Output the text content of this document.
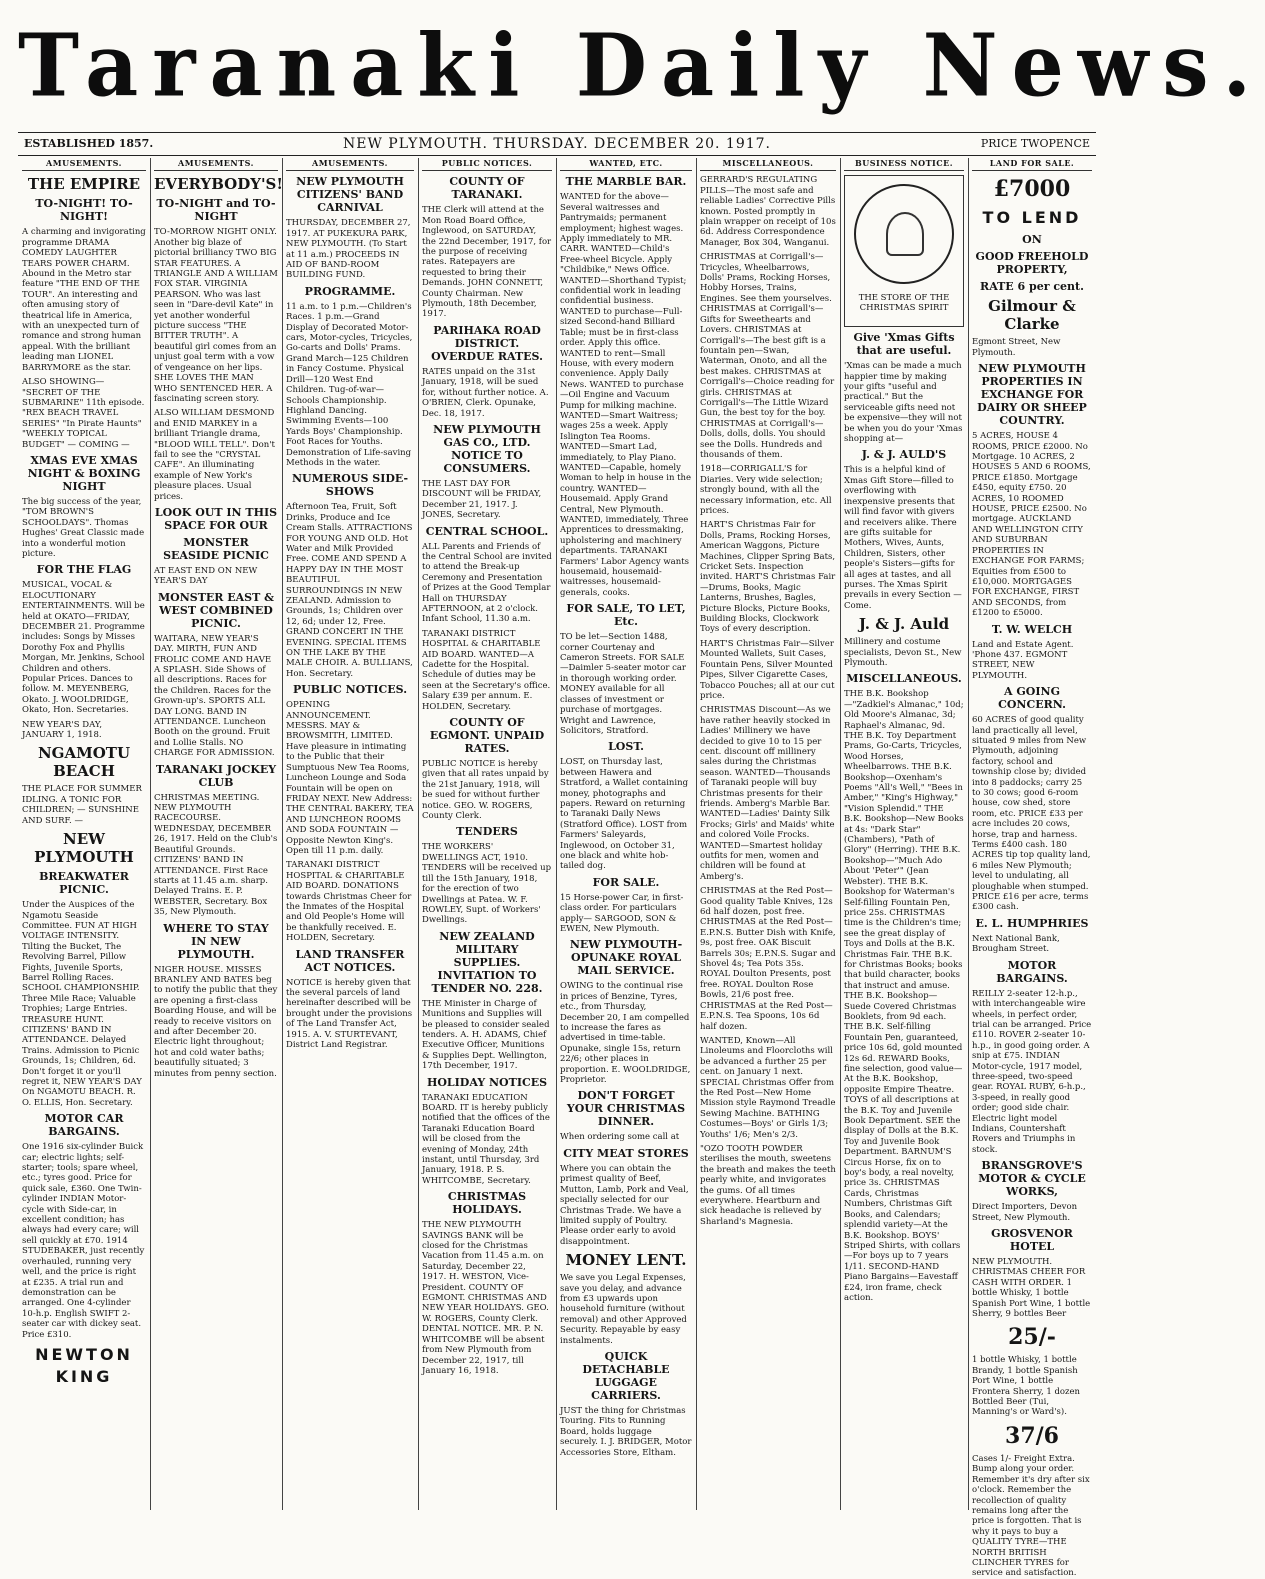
Taranaki Daily News.
ESTABLISHED 1857.	NEW PLYMOUTH. THURSDAY. DECEMBER 20. 1917.	PRICE TWOPENCE
AMUSEMENTS.

THE EMPIRE

TO-NIGHT! TO-NIGHT!

A charming and invigorating programme DRAMA COMEDY LAUGHTER TEARS POWER CHARM. Abound in the Metro star feature "THE END OF THE TOUR". An interesting and often amusing story of theatrical life in America, with an unexpected turn of romance and strong human appeal. With the brilliant leading man LIONEL BARRYMORE as the star.

ALSO SHOWING— "SECRET OF THE SUBMARINE" 11th episode. "REX BEACH TRAVEL SERIES" "In Pirate Haunts" "WEEKLY TOPICAL BUDGET" — COMING —

XMAS EVE XMAS NIGHT & BOXING NIGHT

The big success of the year, "TOM BROWN'S SCHOOLDAYS". Thomas Hughes' Great Classic made into a wonderful motion picture.

FOR THE FLAG

MUSICAL, VOCAL & ELOCUTIONARY ENTERTAINMENTS. Will be held at OKATO—FRIDAY, DECEMBER 21. Programme includes: Songs by Misses Dorothy Fox and Phyllis Morgan, Mr. Jenkins, School Children and others. Popular Prices. Dances to follow. M. MEYENBERG, Okato. J. WOOLDRIDGE, Okato, Hon. Secretaries.

NEW YEAR'S DAY, JANUARY 1, 1918.

NGAMOTU BEACH

THE PLACE FOR SUMMER IDLING. A TONIC FOR CHILDREN; — SUNSHINE AND SURF. —

NEW PLYMOUTH

BREAKWATER PICNIC.

Under the Auspices of the Ngamotu Seaside Committee. FUN AT HIGH VOLTAGE INTENSITY. Tilting the Bucket, The Revolving Barrel, Pillow Fights, Juvenile Sports, Barrel Rolling Races. SCHOOL CHAMPIONSHIP. Three Mile Race; Valuable Trophies; Large Entries. TREASURE HUNT. CITIZENS' BAND IN ATTENDANCE. Delayed Trains. Admission to Picnic Grounds, 1s; Children, 6d. Don't forget it or you'll regret it, NEW YEAR'S DAY On NGAMOTU BEACH. R. O. ELLIS, Hon. Secretary.

MOTOR CAR BARGAINS.

One 1916 six-cylinder Buick car; electric lights; self-starter; tools; spare wheel, etc.; tyres good. Price for quick sale, £360. One Twin-cylinder INDIAN Motor-cycle with Side-car, in excellent condition; has always had every care; will sell quickly at £70. 1914 STUDEBAKER, just recently overhauled, running very well, and the price is right at £235. A trial run and demonstration can be arranged. One 4-cylinder 10-h.p. English SWIFT 2-seater car with dickey seat. Price £310.

NEWTON KING

AMUSEMENTS.

EVERYBODY'S!

TO-NIGHT and TO-NIGHT

TO-MORROW NIGHT ONLY. Another big blaze of pictorial brilliancy TWO BIG STAR FEATURES. A TRIANGLE AND A WILLIAM FOX STAR. VIRGINIA PEARSON. Who was last seen in "Dare-devil Kate" in yet another wonderful picture success "THE BITTER TRUTH". A beautiful girl comes from an unjust goal term with a vow of vengeance on her lips. SHE LOVES THE MAN WHO SENTENCED HER. A fascinating screen story.

ALSO WILLIAM DESMOND and ENID MARKEY in a brilliant Triangle drama, "BLOOD WILL TELL". Don't fail to see the "CRYSTAL CAFE". An illuminating example of New York's pleasure places. Usual prices.

LOOK OUT IN THIS SPACE FOR OUR

MONSTER SEASIDE PICNIC

AT EAST END ON NEW YEAR'S DAY

MONSTER EAST & WEST COMBINED PICNIC.

WAITARA, NEW YEAR'S DAY. MIRTH, FUN AND FROLIC COME AND HAVE A SPLASH. Side Shows of all descriptions. Races for the Children. Races for the Grown-up's. SPORTS ALL DAY LONG. BAND IN ATTENDANCE. Luncheon Booth on the ground. Fruit and Lollie Stalls. NO CHARGE FOR ADMISSION.

TARANAKI JOCKEY CLUB

CHRISTMAS MEETING. NEW PLYMOUTH RACECOURSE. WEDNESDAY, DECEMBER 26, 1917. Held on the Club's Beautiful Grounds. CITIZENS' BAND IN ATTENDANCE. First Race starts at 11.45 a.m. sharp. Delayed Trains. E. P. WEBSTER, Secretary. Box 35, New Plymouth.

WHERE TO STAY IN NEW PLYMOUTH.

NIGER HOUSE. MISSES BRANLEY AND BATES beg to notify the public that they are opening a first-class Boarding House, and will be ready to receive visitors on and after December 20. Electric light throughout; hot and cold water baths; beautifully situated; 3 minutes from penny section.

AMUSEMENTS.

NEW PLYMOUTH CITIZENS' BAND CARNIVAL

THURSDAY, DECEMBER 27, 1917. AT PUKEKURA PARK, NEW PLYMOUTH. (To Start at 11 a.m.) PROCEEDS IN AID OF BAND-ROOM BUILDING FUND.

PROGRAMME.

11 a.m. to 1 p.m.—Children's Races. 1 p.m.—Grand Display of Decorated Motor-cars, Motor-cycles, Tricycles, Go-carts and Dolls' Prams. Grand March—125 Children in Fancy Costume. Physical Drill—120 West End Children. Tug-of-war—Schools Championship. Highland Dancing. Swimming Events—100 Yards Boys' Championship. Foot Races for Youths. Demonstration of Life-saving Methods in the water.

NUMEROUS SIDE-SHOWS

Afternoon Tea, Fruit, Soft Drinks, Produce and Ice Cream Stalls. ATTRACTIONS FOR YOUNG AND OLD. Hot Water and Milk Provided Free. COME AND SPEND A HAPPY DAY IN THE MOST BEAUTIFUL SURROUNDINGS IN NEW ZEALAND. Admission to Grounds, 1s; Children over 12, 6d; under 12, Free. GRAND CONCERT IN THE EVENING. SPECIAL ITEMS ON THE LAKE BY THE MALE CHOIR. A. BULLIANS, Hon. Secretary.

PUBLIC NOTICES.

OPENING ANNOUNCEMENT. MESSRS. MAY & BROWSMITH, LIMITED. Have pleasure in intimating to the Public that their Sumptuous New Tea Rooms, Luncheon Lounge and Soda Fountain will be open on FRIDAY NEXT. New Address: THE CENTRAL BAKERY, TEA AND LUNCHEON ROOMS AND SODA FOUNTAIN — Opposite Newton King's. Open till 11 p.m. daily.

TARANAKI DISTRICT HOSPITAL & CHARITABLE AID BOARD. DONATIONS towards Christmas Cheer for the Inmates of the Hospital and Old People's Home will be thankfully received. E. HOLDEN, Secretary.

LAND TRANSFER ACT NOTICES.

NOTICE is hereby given that the several parcels of land hereinafter described will be brought under the provisions of The Land Transfer Act, 1915. A. V. STURTEVANT, District Land Registrar.

PUBLIC NOTICES.

COUNTY OF TARANAKI.

THE Clerk will attend at the Mon Road Board Office, Inglewood, on SATURDAY, the 22nd December, 1917, for the purpose of receiving rates. Ratepayers are requested to bring their Demands. JOHN CONNETT, County Chairman. New Plymouth, 18th December, 1917.

PARIHAKA ROAD DISTRICT. OVERDUE RATES.

RATES unpaid on the 31st January, 1918, will be sued for, without further notice. A. O'BRIEN, Clerk. Opunake, Dec. 18, 1917.

NEW PLYMOUTH GAS CO., LTD. NOTICE TO CONSUMERS.

THE LAST DAY FOR DISCOUNT will be FRIDAY, December 21, 1917. J. JONES, Secretary.

CENTRAL SCHOOL.

ALL Parents and Friends of the Central School are invited to attend the Break-up Ceremony and Presentation of Prizes at the Good Templar Hall on THURSDAY AFTERNOON, at 2 o'clock. Infant School, 11.30 a.m.

TARANAKI DISTRICT HOSPITAL & CHARITABLE AID BOARD. WANTED—A Cadette for the Hospital. Schedule of duties may be seen at the Secretary's office. Salary £39 per annum. E. HOLDEN, Secretary.

COUNTY OF EGMONT. UNPAID RATES.

PUBLIC NOTICE is hereby given that all rates unpaid by the 21st January, 1918, will be sued for without further notice. GEO. W. ROGERS, County Clerk.

TENDERS

THE WORKERS' DWELLINGS ACT, 1910. TENDERS will be received up till the 15th January, 1918, for the erection of two Dwellings at Patea. W. F. ROWLEY, Supt. of Workers' Dwellings.

NEW ZEALAND MILITARY SUPPLIES. INVITATION TO TENDER NO. 228.

THE Minister in Charge of Munitions and Supplies will be pleased to consider sealed tenders. A. H. ADAMS, Chief Executive Officer, Munitions & Supplies Dept. Wellington, 17th December, 1917.

HOLIDAY NOTICES

TARANAKI EDUCATION BOARD. IT is hereby publicly notified that the offices of the Taranaki Education Board will be closed from the evening of Monday, 24th instant, until Thursday, 3rd January, 1918. P. S. WHITCOMBE, Secretary.

CHRISTMAS HOLIDAYS.

THE NEW PLYMOUTH SAVINGS BANK will be closed for the Christmas Vacation from 11.45 a.m. on Saturday, December 22, 1917. H. WESTON, Vice-President. COUNTY OF EGMONT. CHRISTMAS AND NEW YEAR HOLIDAYS. GEO. W. ROGERS, County Clerk. DENTAL NOTICE. MR. P. N. WHITCOMBE will be absent from New Plymouth from December 22, 1917, till January 16, 1918.

WANTED, ETC.

THE MARBLE BAR.

WANTED for the above—Several waitresses and Pantrymaids; permanent employment; highest wages. Apply immediately to MR. CARR. WANTED—Child's Free-wheel Bicycle. Apply "Childbike," News Office. WANTED—Shorthand Typist; confidential work in leading confidential business. WANTED to purchase—Full-sized Second-hand Billiard Table; must be in first-class order. Apply this office. WANTED to rent—Small House, with every modern convenience. Apply Daily News. WANTED to purchase—Oil Engine and Vacuum Pump for milking machine. WANTED—Smart Waitress; wages 25s a week. Apply Islington Tea Rooms. WANTED—Smart Lad, immediately, to Play Piano. WANTED—Capable, homely Woman to help in house in the country. WANTED—Housemaid. Apply Grand Central, New Plymouth. WANTED, immediately, Three Apprentices to dressmaking, upholstering and machinery departments. TARANAKI Farmers' Labor Agency wants housemaid, housemaid-waitresses, housemaid-generals, cooks.

FOR SALE, TO LET, Etc.

TO be let—Section 1488, corner Courtenay and Cameron Streets. FOR SALE—Daimler 5-seater motor car in thorough working order. MONEY available for all classes of investment or purchase of mortgages. Wright and Lawrence, Solicitors, Stratford.

LOST.

LOST, on Thursday last, between Hawera and Stratford, a Wallet containing money, photographs and papers. Reward on returning to Taranaki Daily News (Stratford Office). LOST from Farmers' Saleyards, Inglewood, on October 31, one black and white hob-tailed dog.

FOR SALE.

15 Horse-power Car, in first-class order. For particulars apply— SARGOOD, SON & EWEN, New Plymouth.

NEW PLYMOUTH-OPUNAKE ROYAL MAIL SERVICE.

OWING to the continual rise in prices of Benzine, Tyres, etc., from Thursday, December 20, I am compelled to increase the fares as advertised in time-table. Opunake, single 15s, return 22/6; other places in proportion. E. WOOLDRIDGE, Proprietor.

DON'T FORGET YOUR CHRISTMAS DINNER.

When ordering some call at

CITY MEAT STORES

Where you can obtain the primest quality of Beef, Mutton, Lamb, Pork and Veal, specially selected for our Christmas Trade. We have a limited supply of Poultry. Please order early to avoid disappointment.

MONEY LENT.

We save you Legal Expenses, save you delay, and advance from £3 upwards upon household furniture (without removal) and other Approved Security. Repayable by easy instalments.

QUICK DETACHABLE LUGGAGE CARRIERS.

JUST the thing for Christmas Touring. Fits to Running Board, holds luggage securely. I. J. BRIDGER, Motor Accessories Store, Eltham.

MISCELLANEOUS.

GERRARD'S REGULATING PILLS—The most safe and reliable Ladies' Corrective Pills known. Posted promptly in plain wrapper on receipt of 10s 6d. Address Correspondence Manager, Box 304, Wanganui.

CHRISTMAS at Corrigall's—Tricycles, Wheelbarrows, Dolls' Prams, Rocking Horses, Hobby Horses, Trains, Engines. See them yourselves. CHRISTMAS at Corrigall's—Gifts for Sweethearts and Lovers. CHRISTMAS at Corrigall's—The best gift is a fountain pen—Swan, Waterman, Onoto, and all the best makes. CHRISTMAS at Corrigall's—Choice reading for girls. CHRISTMAS at Corrigall's—The Little Wizard Gun, the best toy for the boy. CHRISTMAS at Corrigall's—Dolls, dolls, dolls. You should see the Dolls. Hundreds and thousands of them.

1918—CORRIGALL'S for Diaries. Very wide selection; strongly bound, with all the necessary information, etc. All prices.

HART'S Christmas Fair for Dolls, Prams, Rocking Horses, American Waggons, Picture Machines, Clipper Spring Bats, Cricket Sets. Inspection invited. HART'S Christmas Fair—Drums, Books, Magic Lanterns, Brushes, Bagles, Picture Blocks, Picture Books, Building Blocks, Clockwork Toys of every description.

HART'S Christmas Fair—Silver Mounted Wallets, Suit Cases, Fountain Pens, Silver Mounted Pipes, Silver Cigarette Cases, Tobacco Pouches; all at our cut price.

CHRISTMAS Discount—As we have rather heavily stocked in Ladies' Millinery we have decided to give 10 to 15 per cent. discount off millinery sales during the Christmas season. WANTED—Thousands of Taranaki people will buy Christmas presents for their friends. Amberg's Marble Bar. WANTED—Ladies' Dainty Silk Frocks; Girls' and Maids' white and colored Voile Frocks. WANTED—Smartest holiday outfits for men, women and children will be found at Amberg's.

CHRISTMAS at the Red Post—Good quality Table Knives, 12s 6d half dozen, post free. CHRISTMAS at the Red Post—E.P.N.S. Butter Dish with Knife, 9s, post free. OAK Biscuit Barrels 30s; E.P.N.S. Sugar and Shovel 4s; Tea Pots 35s. ROYAL Doulton Presents, post free. ROYAL Doulton Rose Bowls, 21/6 post free. CHRISTMAS at the Red Post—E.P.N.S. Tea Spoons, 10s 6d half dozen.

WANTED, Known—All Linoleums and Floorcloths will be advanced a further 25 per cent. on January 1 next. SPECIAL Christmas Offer from the Red Post—New Home Mission style Raymond Treadle Sewing Machine. BATHING Costumes—Boys' or Girls 1/3; Youths' 1/6; Men's 2/3.

"OZO TOOTH POWDER sterilises the mouth, sweetens the breath and makes the teeth pearly white, and invigorates the gums. Of all times everywhere. Heartburn and sick headache is relieved by Sharland's Magnesia.

BUSINESS NOTICE.

THE STORE OF THE CHRISTMAS SPIRIT

Give 'Xmas Gifts that are useful.

'Xmas can be made a much happier time by making your gifts "useful and practical." But the serviceable gifts need not be expensive—they will not be when you do your 'Xmas shopping at—

J. & J. AULD'S

This is a helpful kind of Xmas Gift Store—filled to overflowing with inexpensive presents that will find favor with givers and receivers alike. There are gifts suitable for Mothers, Wives, Aunts, Children, Sisters, other people's Sisters—gifts for all ages at tastes, and all purses. The Xmas Spirit prevails in every Section — Come.

J. & J. Auld

Millinery and costume specialists, Devon St., New Plymouth.

MISCELLANEOUS.

THE B.K. Bookshop—"Zadkiel's Almanac," 10d; Old Moore's Almanac, 3d; Raphael's Almanac, 9d. THE B.K. Toy Department Prams, Go-Carts, Tricycles, Wood Horses, Wheelbarrows. THE B.K. Bookshop—Oxenham's Poems "All's Well," "Bees in Amber," "King's Highway," "Vision Splendid." THE B.K. Bookshop—New Books at 4s: "Dark Star" (Chambers), "Path of Glory" (Herring). THE B.K. Bookshop—"Much Ado About 'Peter'" (Jean Webster). THE B.K. Bookshop for Waterman's Self-filling Fountain Pen, price 25s. CHRISTMAS time is the Children's time; see the great display of Toys and Dolls at the B.K. Christmas Fair. THE B.K. for Christmas Books; books that build character, books that instruct and amuse. THE B.K. Bookshop—Suede Covered Christmas Booklets, from 9d each. THE B.K. Self-filling Fountain Pen, guaranteed, price 10s 6d, gold mounted 12s 6d. REWARD Books, fine selection, good value—At the B.K. Bookshop, opposite Empire Theatre. TOYS of all descriptions at the B.K. Toy and Juvenile Book Department. SEE the display of Dolls at the B.K. Toy and Juvenile Book Department. BARNUM'S Circus Horse, fix on to boy's body, a real novelty, price 3s. CHRISTMAS Cards, Christmas Numbers, Christmas Gift Books, and Calendars; splendid variety—At the B.K. Bookshop. BOYS' Striped Shirts, with collars—For boys up to 7 years 1/11. SECOND-HAND Piano Bargains—Eavestaff £24, iron frame, check action.

LAND FOR SALE.

£7000

TO LEND

ON

GOOD FREEHOLD PROPERTY,

RATE 6 per cent.

Gilmour & Clarke

Egmont Street, New Plymouth.

NEW PLYMOUTH PROPERTIES IN EXCHANGE FOR DAIRY OR SHEEP COUNTRY.

5 ACRES, HOUSE 4 ROOMS, PRICE £2000. No Mortgage. 10 ACRES, 2 HOUSES 5 AND 6 ROOMS, PRICE £1850. Mortgage £450, equity £750. 20 ACRES, 10 ROOMED HOUSE, PRICE £2500. No mortgage. AUCKLAND AND WELLINGTON CITY AND SUBURBAN PROPERTIES IN EXCHANGE FOR FARMS; Equities from £500 to £10,000. MORTGAGES FOR EXCHANGE, FIRST AND SECONDS, from £1200 to £5000.

T. W. WELCH

Land and Estate Agent. 'Phone 437. EGMONT STREET, NEW PLYMOUTH.

A GOING CONCERN.

60 ACRES of good quality land practically all level, situated 9 miles from New Plymouth, adjoining factory, school and township close by; divided into 8 paddocks; carry 25 to 30 cows; good 6-room house, cow shed, store room, etc. PRICE £33 per acre includes 20 cows, horse, trap and harness. Terms £400 cash. 180 ACRES tip top quality land, 6 miles New Plymouth; level to undulating, all ploughable when stumped. PRICE £16 per acre, terms £300 cash.

E. L. HUMPHRIES

Next National Bank, Brougham Street.

MOTOR BARGAINS.

REILLY 2-seater 12-h.p., with interchangeable wire wheels, in perfect order, trial can be arranged. Price £110. ROVER 2-seater 10-h.p., in good going order. A snip at £75. INDIAN Motor-cycle, 1917 model, three-speed, two-speed gear. ROYAL RUBY, 6-h.p., 3-speed, in really good order; good side chair. Electric light model Indians, Countershaft Rovers and Triumphs in stock.

BRANSGROVE'S MOTOR & CYCLE WORKS,

Direct Importers, Devon Street, New Plymouth.

GROSVENOR HOTEL

NEW PLYMOUTH. CHRISTMAS CHEER FOR CASH WITH ORDER. 1 bottle Whisky, 1 bottle Spanish Port Wine, 1 bottle Sherry, 9 bottles Beer

25/-

1 bottle Whisky, 1 bottle Brandy, 1 bottle Spanish Port Wine, 1 bottle Frontera Sherry, 1 dozen Bottled Beer (Tui, Manning's or Ward's).

37/6

Cases 1/- Freight Extra. Bump along your order. Remember it's dry after six o'clock. Remember the recollection of quality remains long after the price is forgotten. That is why it pays to buy a QUALITY TYRE—THE NORTH BRITISH CLINCHER TYRES for service and satisfaction.
